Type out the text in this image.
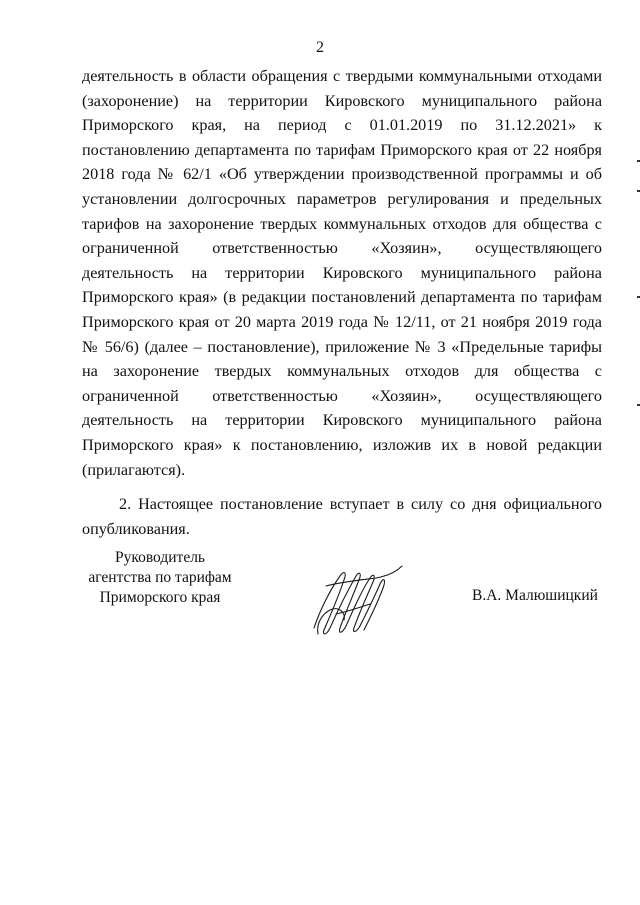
2

деятельность в области обращения с твердыми коммунальными отходами (захоронение) на территории Кировского муниципального района Приморского края, на период с 01.01.2019 по 31.12.2021» к постановлению департамента по тарифам Приморского края от 22 ноября 2018 года № 62/1 «Об утверждении производственной программы и об установлении долгосрочных параметров регулирования и предельных тарифов на захоронение твердых коммунальных отходов для общества с ограниченной ответственностью «Хозяин», осуществляющего деятельность на территории Кировского муниципального района Приморского края» (в редакции постановлений департамента по тарифам Приморского края от 20 марта 2019 года № 12/11, от 21 ноября 2019 года № 56/6) (далее – постановление), приложение № 3 «Предельные тарифы на захоронение твердых коммунальных отходов для общества с ограниченной ответственностью «Хозяин», осуществляющего деятельность на территории Кировского муниципального района Приморского края» к постановлению, изложив их в новой редакции (прилагаются).

2. Настоящее постановление вступает в силу со дня официального опубликования.

Руководитель
агентства по тарифам
Приморского края	В.А. Малюшицкий
